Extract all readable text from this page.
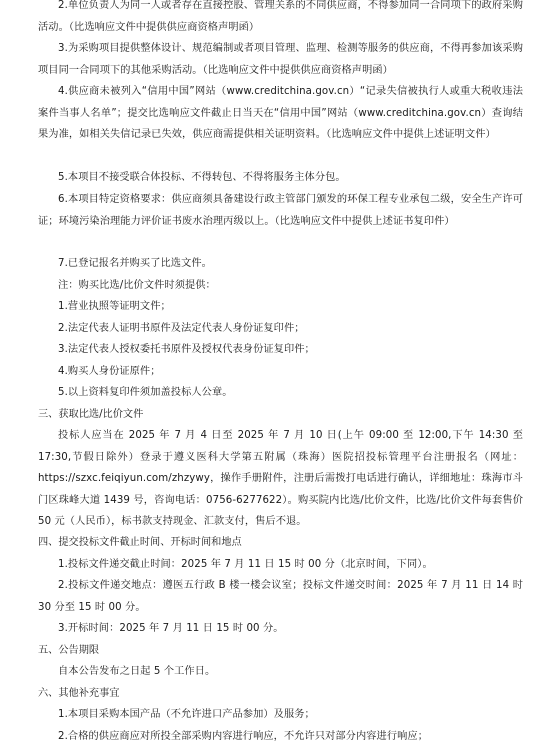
2.单位负责人为同一人或者存在直接控股、管理关系的不同供应商，不得参加同一合同项下的政府采购活动。（比选响应文件中提供供应商资格声明函）
3.为采购项目提供整体设计、规范编制或者项目管理、监理、检测等服务的供应商，不得再参加该采购项目同一合同项下的其他采购活动。（比选响应文件中提供供应商资格声明函）
4.供应商未被列入“信用中国”网站（www.creditchina.gov.cn）“记录失信被执行人或重大税收违法案件当事人名单”；提交比选响应文件截止日当天在“信用中国”网站（www.creditchina.gov.cn）查询结果为准，如相关失信记录已失效，供应商需提供相关证明资料。（比选响应文件中提供上述证明文件）
5.本项目不接受联合体投标、不得转包、不得将服务主体分包。
6.本项目特定资格要求：供应商须具备建设行政主管部门颁发的环保工程专业承包二级，安全生产许可证；环境污染治理能力评价证书废水治理丙级以上。（比选响应文件中提供上述证书复印件）
7.已登记报名并购买了比选文件。
注：购买比选/比价文件时须提供：
1.营业执照等证明文件；
2.法定代表人证明书原件及法定代表人身份证复印件；
3.法定代表人授权委托书原件及授权代表身份证复印件；
4.购买人身份证原件；
5.以上资料复印件须加盖投标人公章。
三、获取比选/比价文件
投标人应当在 2025 年 7 月 4 日至 2025 年 7 月 10 日(上午 09:00 至 12:00,下午 14:30 至 17:30,节假日除外）登录于遵义医科大学第五附属（珠海）医院招投标管理平台注册报名（网址：https://szxc.feiqiyun.com/zhzywy，操作手册附件，注册后需拨打电话进行确认，详细地址：珠海市斗门区珠峰大道 1439 号，咨询电话：0756-6277622）。购买院内比选/比价文件，比选/比价文件每套售价 50 元（人民币），标书款支持现金、汇款支付，售后不退。
四、提交投标文件截止时间、开标时间和地点
1.投标文件递交截止时间：2025 年 7 月 11 日 15 时 00 分（北京时间，下同）。
2.投标文件递交地点：遵医五行政 B 楼一楼会议室；投标文件递交时间：2025 年 7 月 11 日 14 时 30 分至 15 时 00 分。
3.开标时间：2025 年 7 月 11 日 15 时 00 分。
五、公告期限
自本公告发布之日起 5 个工作日。
六、其他补充事宜
1.本项目采购本国产品（不允许进口产品参加）及服务；
2.合格的供应商应对所投全部采购内容进行响应，不允许只对部分内容进行响应；
